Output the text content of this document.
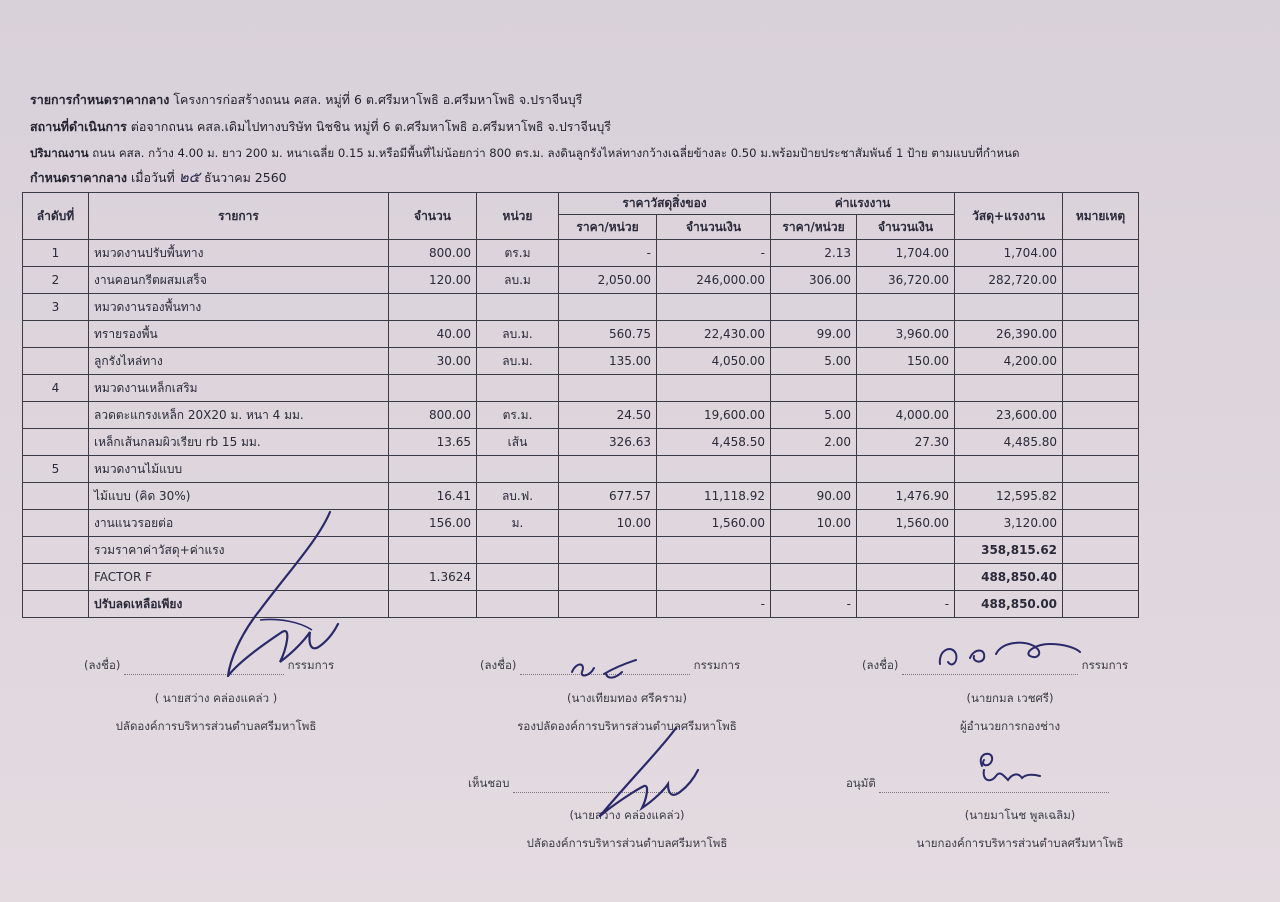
รายการกำหนดราคากลาง โครงการก่อสร้างถนน คสล. หมู่ที่ 6 ต.ศรีมหาโพธิ อ.ศรีมหาโพธิ จ.ปราจีนบุรี
สถานที่ดำเนินการ ต่อจากถนน คสล.เดิมไปทางบริษัท นิชชิน หมู่ที่ 6 ต.ศรีมหาโพธิ อ.ศรีมหาโพธิ จ.ปราจีนบุรี
ปริมาณงาน ถนน คสล. กว้าง 4.00 ม. ยาว 200 ม. หนาเฉลี่ย 0.15 ม.หรือมีพื้นที่ไม่น้อยกว่า 800 ตร.ม. ลงดินลูกรังไหล่ทางกว้างเฉลี่ยข้างละ 0.50 ม.พร้อมป้ายประชาสัมพันธ์ 1 ป้าย ตามแบบที่กำหนด
กำหนดราคากลาง เมื่อวันที่ ๒๕ ธันวาคม 2560
ลำดับที่	รายการ	จำนวน	หน่วย	ราคาวัสดุสิ่งของ		ค่าแรงงาน		วัสดุ+แรงงาน	หมายเหตุ
				ราคา/หน่วย	จำนวนเงิน	ราคา/หน่วย	จำนวนเงิน		
1	หมวดงานปรับพื้นทาง	800.00	ตร.ม	-	-	2.13	1,704.00	1,704.00	
2	งานคอนกรีตผสมเสร็จ	120.00	ลบ.ม	2,050.00	246,000.00	306.00	36,720.00	282,720.00	
3	หมวดงานรองพื้นทาง								
	ทรายรองพื้น	40.00	ลบ.ม.	560.75	22,430.00	99.00	3,960.00	26,390.00	
	ลูกรังไหล่ทาง	30.00	ลบ.ม.	135.00	4,050.00	5.00	150.00	4,200.00	
4	หมวดงานเหล็กเสริม								
	ลวดตะแกรงเหล็ก 20X20 ม. หนา 4 มม.	800.00	ตร.ม.	24.50	19,600.00	5.00	4,000.00	23,600.00	
	เหล็กเส้นกลมผิวเรียบ rb 15 มม.	13.65	เส้น	326.63	4,458.50	2.00	27.30	4,485.80	
5	หมวดงานไม้แบบ								
	ไม้แบบ (คิด 30%)	16.41	ลบ.ฟ.	677.57	11,118.92	90.00	1,476.90	12,595.82	
	งานแนวรอยต่อ	156.00	ม.	10.00	1,560.00	10.00	1,560.00	3,120.00	
	รวมราคาค่าวัสดุ+ค่าแรง							358,815.62	
	FACTOR F	1.3624						488,850.40	
	ปรับลดเหลือเพียง				-	-	-	488,850.00	
(ลงชื่อ)	กรรมการ
( นายสว่าง คล่องแคล่ว )
ปลัดองค์การบริหารส่วนตำบลศรีมหาโพธิ
(ลงชื่อ)	กรรมการ
(นางเทียมทอง ศรีคราม)
รองปลัดองค์การบริหารส่วนตำบลศรีมหาโพธิ
(ลงชื่อ)	กรรมการ
(นายกมล เวชศรี)
ผู้อำนวยการกองช่าง
เห็นชอบ
(นายสว่าง คล่องแคล่ว)
ปลัดองค์การบริหารส่วนตำบลศรีมหาโพธิ
อนุมัติ
(นายมาโนช พูลเฉลิม)
นายกองค์การบริหารส่วนตำบลศรีมหาโพธิ
